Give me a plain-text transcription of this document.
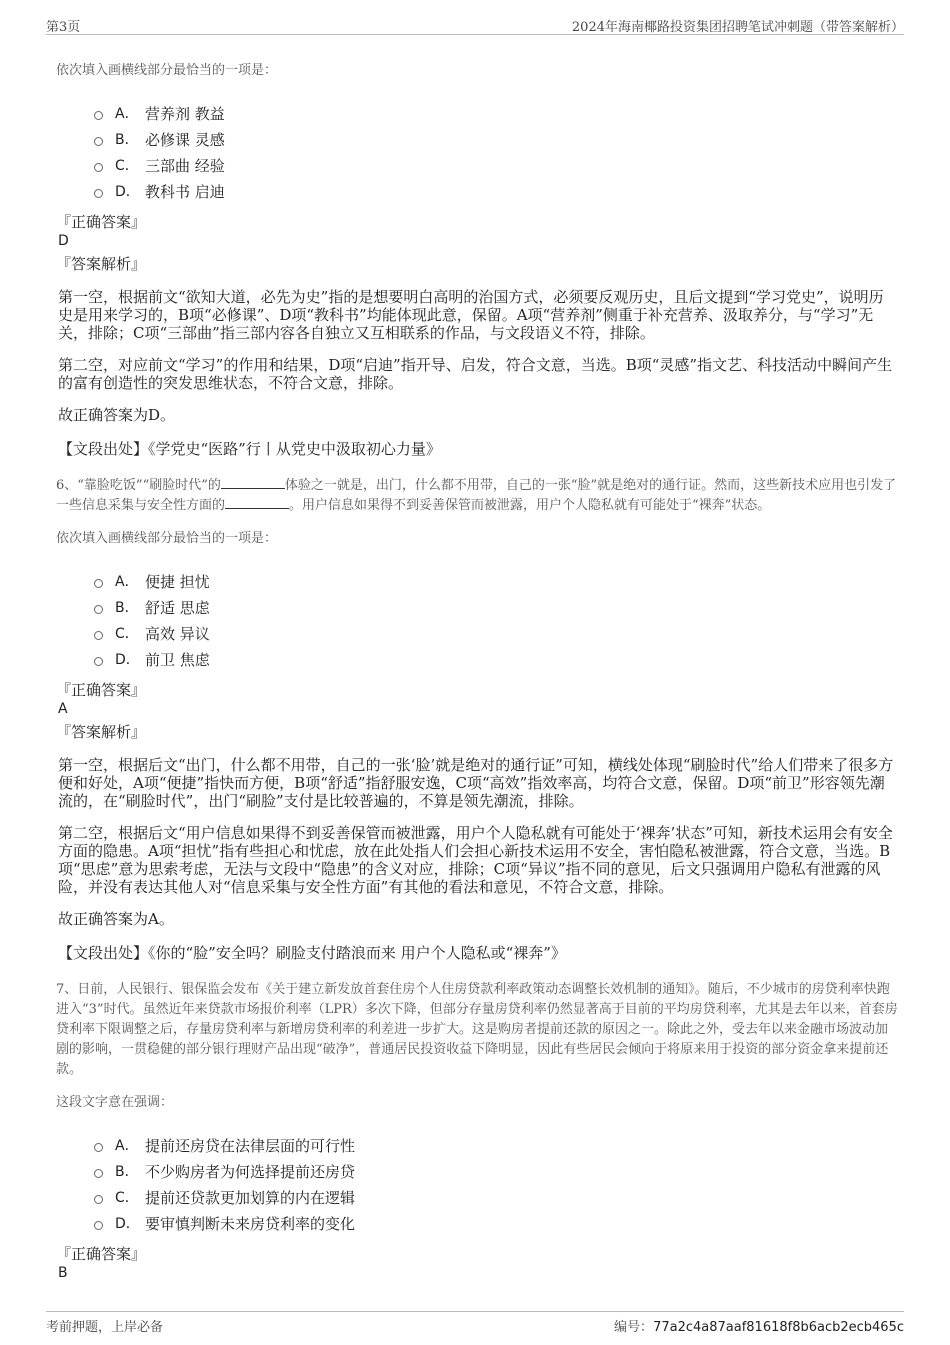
第3页	2024年海南椰路投资集团招聘笔试冲刺题（带答案解析）
依次填入画横线部分最恰当的一项是：
A． 营养剂 教益
B． 必修课 灵感
C． 三部曲 经验
D． 教科书 启迪
『正确答案』
D
『答案解析』
第一空，根据前文“欲知大道，必先为史”指的是想要明白高明的治国方式，必须要反观历史，且后文提到“学习党史”，说明历史是用来学习的，B项“必修课”、D项“教科书”均能体现此意，保留。A项“营养剂”侧重于补充营养、汲取养分，与“学习”无关，排除；C项“三部曲”指三部内容各自独立又互相联系的作品，与文段语义不符，排除。
第二空，对应前文“学习”的作用和结果，D项“启迪”指开导、启发，符合文意，当选。B项“灵感”指文艺、科技活动中瞬间产生的富有创造性的突发思维状态，不符合文意，排除。
故正确答案为D。
【文段出处】《学党史“医路”行丨从党史中汲取初心力量》
6、“靠脸吃饭”“刷脸时代”的	体验之一就是，出门，什么都不用带，自己的一张“脸”就是绝对的通行证。然而，这些新技术应用也引发了一些信息采集与安全性方面的	。用户信息如果得不到妥善保管而被泄露，用户个人隐私就有可能处于“裸奔”状态。
依次填入画横线部分最恰当的一项是：
A． 便捷 担忧
B． 舒适 思虑
C． 高效 异议
D． 前卫 焦虑
『正确答案』
A
『答案解析』
第一空，根据后文“出门，什么都不用带，自己的一张‘脸’就是绝对的通行证”可知，横线处体现“刷脸时代”给人们带来了很多方便和好处，A项“便捷”指快而方便，B项“舒适”指舒服安逸，C项“高效”指效率高，均符合文意，保留。D项“前卫”形容领先潮流的，在“刷脸时代”，出门“刷脸”支付是比较普遍的，不算是领先潮流，排除。
第二空，根据后文“用户信息如果得不到妥善保管而被泄露，用户个人隐私就有可能处于‘裸奔’状态”可知，新技术运用会有安全方面的隐患。A项“担忧”指有些担心和忧虑，放在此处指人们会担心新技术运用不安全，害怕隐私被泄露，符合文意，当选。B项“思虑”意为思索考虑，无法与文段中“隐患”的含义对应，排除；C项“异议”指不同的意见，后文只强调用户隐私有泄露的风险，并没有表达其他人对“信息采集与安全性方面”有其他的看法和意见，不符合文意，排除。
故正确答案为A。
【文段出处】《你的“脸”安全吗？刷脸支付踏浪而来 用户个人隐私或“裸奔”》
7、日前，人民银行、银保监会发布《关于建立新发放首套住房个人住房贷款利率政策动态调整长效机制的通知》。随后，不少城市的房贷利率快跑进入“3”时代。虽然近年来贷款市场报价利率（LPR）多次下降，但部分存量房贷利率仍然显著高于目前的平均房贷利率，尤其是去年以来，首套房贷利率下限调整之后，存量房贷利率与新增房贷利率的利差进一步扩大。这是购房者提前还款的原因之一。除此之外，受去年以来金融市场波动加剧的影响，一贯稳健的部分银行理财产品出现“破净”，普通居民投资收益下降明显，因此有些居民会倾向于将原来用于投资的部分资金拿来提前还款。
这段文字意在强调：
A． 提前还房贷在法律层面的可行性
B． 不少购房者为何选择提前还房贷
C． 提前还贷款更加划算的内在逻辑
D． 要审慎判断未来房贷利率的变化
『正确答案』
B
考前押题，上岸必备	编号：77a2c4a87aaf81618f8b6acb2ecb465c
